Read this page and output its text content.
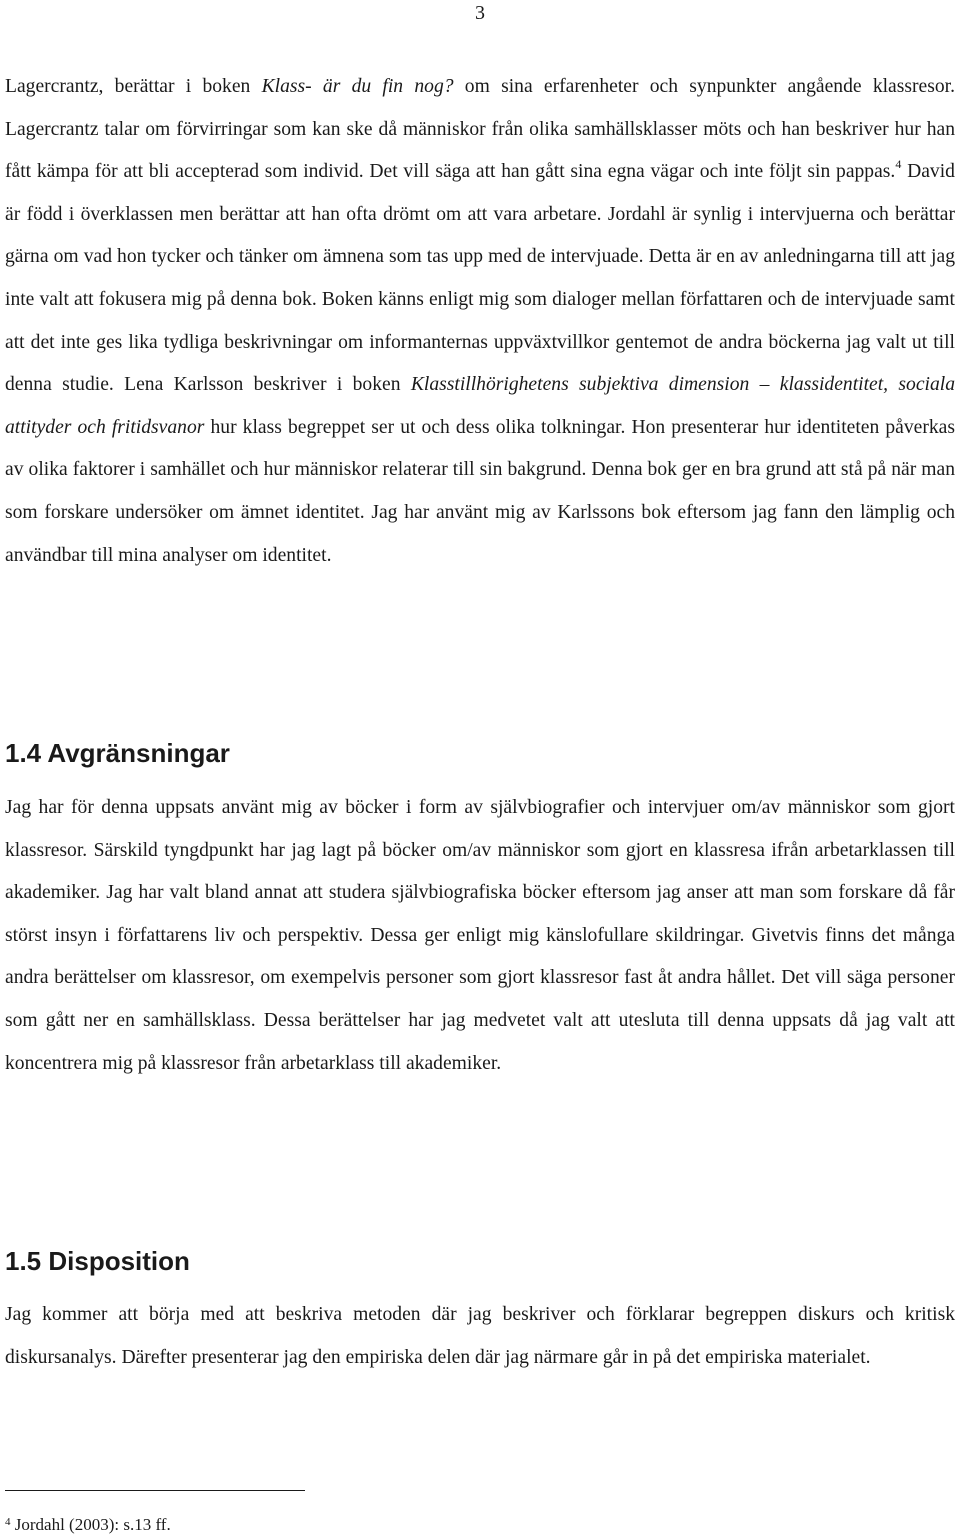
3

Lagercrantz, berättar i boken Klass- är du fin nog? om sina erfarenheter och synpunkter angående klassresor. Lagercrantz talar om förvirringar som kan ske då människor från olika samhällsklasser möts och han beskriver hur han fått kämpa för att bli accepterad som individ. Det vill säga att han gått sina egna vägar och inte följt sin pappas.$^4$ David är född i överklassen men berättar att han ofta drömt om att vara arbetare. Jordahl är synlig i intervjuerna och berättar gärna om vad hon tycker och tänker om ämnena som tas upp med de intervjuade. Detta är en av anledningarna till att jag inte valt att fokusera mig på denna bok. Boken känns enligt mig som dialoger mellan författaren och de intervjuade samt att det inte ges lika tydliga beskrivningar om informanternas uppväxtvillkor gentemot de andra böckerna jag valt ut till denna studie. Lena Karlsson beskriver i boken Klasstillhörighetens subjektiva dimension – klassidentitet, sociala attityder och fritidsvanor hur klass begreppet ser ut och dess olika tolkningar. Hon presenterar hur identiteten påverkas av olika faktorer i samhället och hur människor relaterar till sin bakgrund. Denna bok ger en bra grund att stå på när man som forskare undersöker om ämnet identitet. Jag har använt mig av Karlssons bok eftersom jag fann den lämplig och användbar till mina analyser om identitet.

1.4 Avgränsningar

Jag har för denna uppsats använt mig av böcker i form av självbiografier och intervjuer om/av människor som gjort klassresor. Särskild tyngdpunkt har jag lagt på böcker om/av människor som gjort en klassresa ifrån arbetarklassen till akademiker. Jag har valt bland annat att studera självbiografiska böcker eftersom jag anser att man som forskare då får störst insyn i författarens liv och perspektiv. Dessa ger enligt mig känslofullare skildringar. Givetvis finns det många andra berättelser om klassresor, om exempelvis personer som gjort klassresor fast åt andra hållet. Det vill säga personer som gått ner en samhällsklass. Dessa berättelser har jag medvetet valt att utesluta till denna uppsats då jag valt att koncentrera mig på klassresor från arbetarklass till akademiker.

1.5 Disposition

Jag kommer att börja med att beskriva metoden där jag beskriver och förklarar begreppen diskurs och kritisk diskursanalys. Därefter presenterar jag den empiriska delen där jag närmare går in på det empiriska materialet.

$^4$ Jordahl (2003): s.13 ff.
